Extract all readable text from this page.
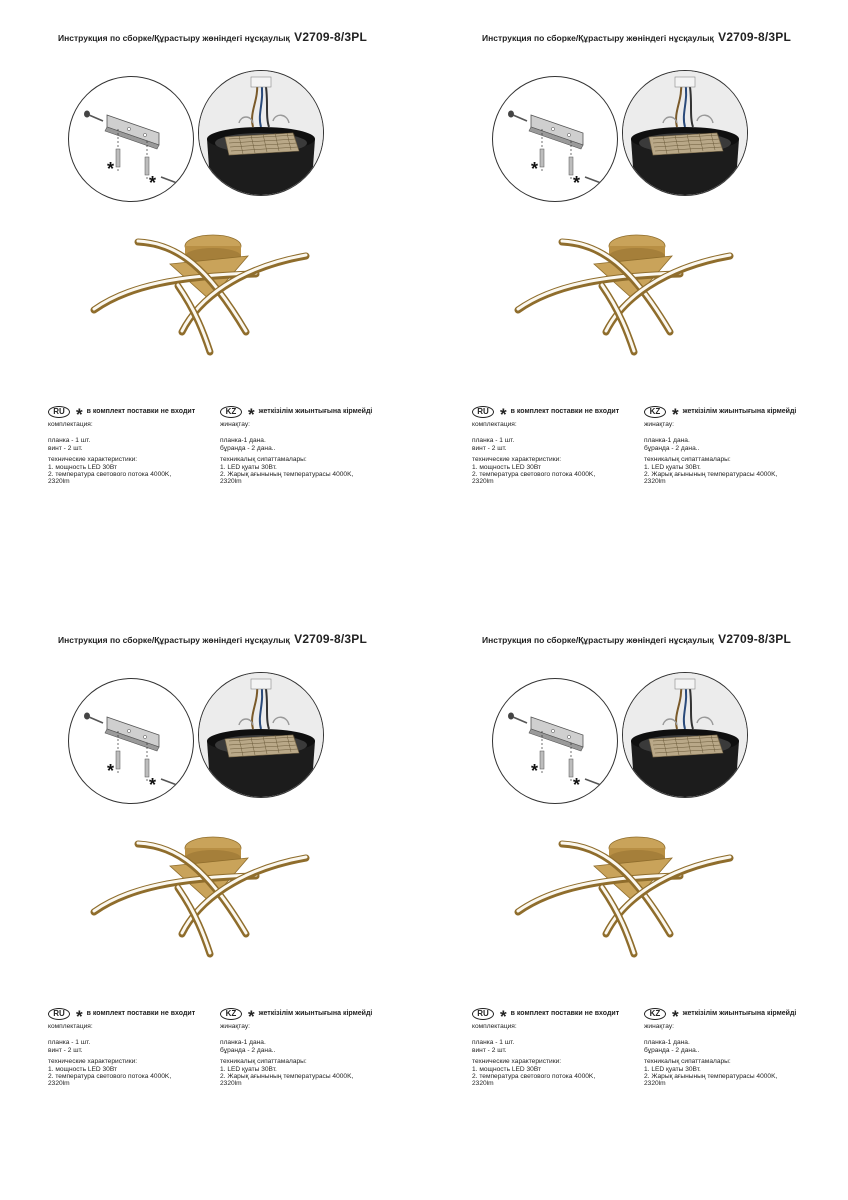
Инструкция по сборке/Құрастыру жөніндегі нұсқаулық V2709-8/3PL
*
*
RU * в комплект поставки не входит

комплектация:

планка - 1 шт.

винт - 2 шт.

технические характеристики:

1. мощность LED 30Вт

2. температура светового потока 4000K,

2320lm

KZ * жеткізілім жиынтығына кірмейді

жинақтау:

планка-1 дана.

бұранда - 2 дана..

техникалық сипаттамалары:

1. LED қуаты 30Вт.

2. Жарық ағынының температурасы 4000K,

2320lm

Инструкция по сборке/Құрастыру жөніндегі нұсқаулық V2709-8/3PL
*
*
RU * в комплект поставки не входит

комплектация:

планка - 1 шт.

винт - 2 шт.

технические характеристики:

1. мощность LED 30Вт

2. температура светового потока 4000K,

2320lm

KZ * жеткізілім жиынтығына кірмейді

жинақтау:

планка-1 дана.

бұранда - 2 дана..

техникалық сипаттамалары:

1. LED қуаты 30Вт.

2. Жарық ағынының температурасы 4000K,

2320lm

Инструкция по сборке/Құрастыру жөніндегі нұсқаулық V2709-8/3PL
*
*
RU * в комплект поставки не входит

комплектация:

планка - 1 шт.

винт - 2 шт.

технические характеристики:

1. мощность LED 30Вт

2. температура светового потока 4000K,

2320lm

KZ * жеткізілім жиынтығына кірмейді

жинақтау:

планка-1 дана.

бұранда - 2 дана..

техникалық сипаттамалары:

1. LED қуаты 30Вт.

2. Жарық ағынының температурасы 4000K,

2320lm

Инструкция по сборке/Құрастыру жөніндегі нұсқаулық V2709-8/3PL
*
*
RU * в комплект поставки не входит

комплектация:

планка - 1 шт.

винт - 2 шт.

технические характеристики:

1. мощность LED 30Вт

2. температура светового потока 4000K,

2320lm

KZ * жеткізілім жиынтығына кірмейді

жинақтау:

планка-1 дана.

бұранда - 2 дана..

техникалық сипаттамалары:

1. LED қуаты 30Вт.

2. Жарық ағынының температурасы 4000K,

2320lm
